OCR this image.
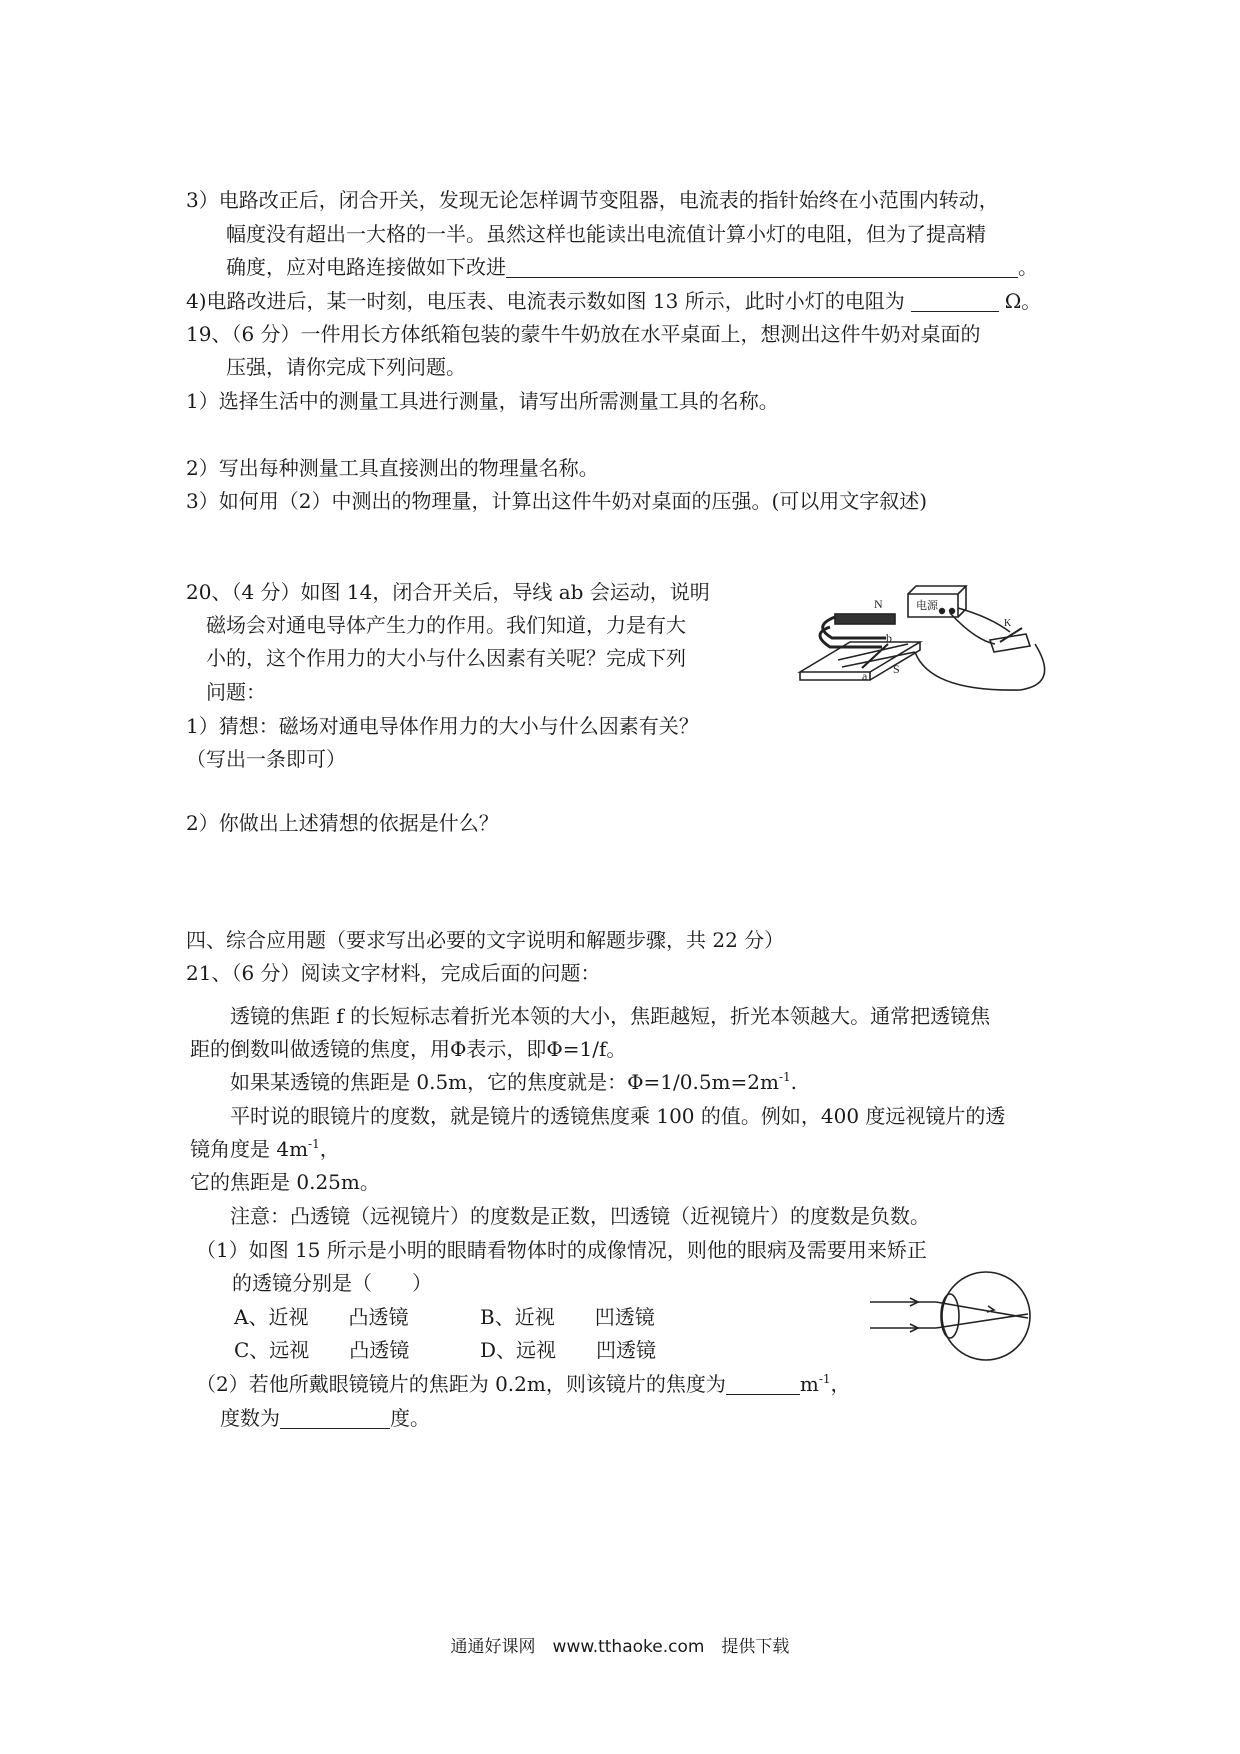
3）电路改正后，闭合开关，发现无论怎样调节变阻器，电流表的指针始终在小范围内转动，
幅度没有超出一大格的一半。虽然这样也能读出电流值计算小灯的电阻，但为了提高精
确度，应对电路连接做如下改进	。
4)电路改进后，某一时刻，电压表、电流表示数如图 13 所示，此时小灯的电阻为	Ω。
19、（6 分）一件用长方体纸箱包装的蒙牛牛奶放在水平桌面上，想测出这件牛奶对桌面的
压强，请你完成下列问题。
1）选择生活中的测量工具进行测量，请写出所需测量工具的名称。
2）写出每种测量工具直接测出的物理量名称。
3）如何用（2）中测出的物理量，计算出这件牛奶对桌面的压强。(可以用文字叙述)
20、（4 分）如图 14，闭合开关后，导线 ab 会运动，说明
磁场会对通电导体产生力的作用。我们知道，力是有大
小的，这个作用力的大小与什么因素有关呢？完成下列
问题：
1）猜想：磁场对通电导体作用力的大小与什么因素有关？
（写出一条即可）
2）你做出上述猜想的依据是什么？
N
S
a
b
电源
K
四、综合应用题（要求写出必要的文字说明和解题步骤，共 22 分）
21、（6 分）阅读文字材料，完成后面的问题：
透镜的焦距 f 的长短标志着折光本领的大小，焦距越短，折光本领越大。通常把透镜焦
距的倒数叫做透镜的焦度，用Φ表示，即Φ=1/f。
如果某透镜的焦距是 0.5m，它的焦度就是：$\Phi=1/0.5m=2m^{-1}$.
平时说的眼镜片的度数，就是镜片的透镜焦度乘 100 的值。例如，400 度远视镜片的透
镜角度是 $4m^{-1}$，
它的焦距是 0.25m。
注意：凸透镜（远视镜片）的度数是正数，凹透镜（近视镜片）的度数是负数。
（1）如图 15 所示是小明的眼睛看物体时的成像情况，则他的眼病及需要用来矫正
的透镜分别是（　　）
A、近视　　凸透镜	B、近视　　凹透镜
C、远视　　凸透镜	D、远视　　凹透镜
（2）若他所戴眼镜镜片的焦距为 0.2m，则该镜片的焦度为	$m^{-1}$，
度数为	度。
通通好课网　www.tthaoke.com　提供下载
